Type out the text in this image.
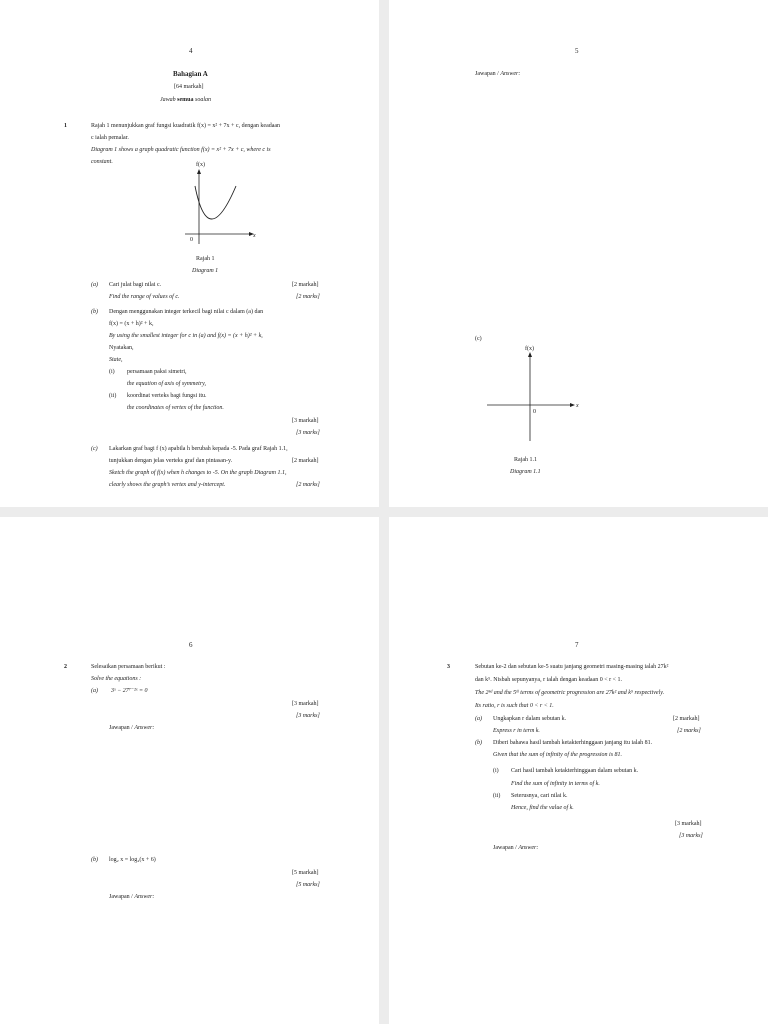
4
Bahagian A
[64 markah]
Jawab semua soalan
1	Rajah 1 menunjukkan graf fungsi kuadratik f(x) = x² + 7x + c, dengan keadaan
c ialah pemalar.
Diagram 1 shows a graph quadratic function f(x) = x² + 7x + c, where c is
constant.	f(x)
x
0
Rajah 1
Diagram 1
(a) Cari julat bagi nilai c.	[2 markah]
Find the range of values of c.	[2 marks]
(b) Dengan menggunakan integer terkecil bagi nilai c dalam (a) dan
f(x) = (x + h)² + k,
By using the smallest integer for c in (a) and f(x) = (x + h)² + k,
Nyatakan,
State,
(i) persamaan paksi simetri,
the equation of axis of symmetry,
(ii) koordinat verteks bagi fungsi itu.
the coordinates of vertex of the function.
[3 markah]
[3 marks]
(c) Lakarkan graf bagi f (x) apabila h berubah kepada -5. Pada graf Rajah 1.1,
tunjukkan dengan jelas verteks graf dan pintasan-y.	[2 markah]
Sketch the graph of f(x) when h changes to -5. On the graph Diagram 1.1,
clearly shows the graph’s vertex and y-intercept.	[2 marks]
5
Jawapan / Answer:
(c)
f(x)
x
0
Rajah 1.1
Diagram 1.1
6
2	Selesaikan persamaan berikut :
Solve the equations :
(a) 3ˣ − 27⁷⁻²ˣ = 0
[3 markah]
[3 marks]
Jawapan / Answer:
(b) log₂ x = log₄(x + 6)
[5 markah]
[5 marks]
Jawapan / Answer:
7
3	Sebutan ke-2 dan sebutan ke-5 suatu janjang geometri masing-masing ialah 27k²
dan k⁵. Nisbah sepunyanya, r ialah dengan keadaan 0 < r < 1.
The 2ⁿᵈ and the 5ᵗʰ terms of geometric progression are 27k² and k⁵ respectively.
Its ratio, r is such that 0 < r < 1.
(a) Ungkapkan r dalam sebutan k.	[2 markah]
Express r in term k.	[2 marks]
(b) Diberi bahawa hasil tambah ketakterhinggaan janjang itu ialah 81.
Given that the sum of infinity of the progression is 81.
(i) Cari hasil tambah ketakterhinggaan dalam sebutan k.
Find the sum of infinity in terms of k.
(ii) Seterusnya, cari nilai k.
Hence, find the value of k.
[3 markah]
[3 marks]
Jawapan / Answer:
